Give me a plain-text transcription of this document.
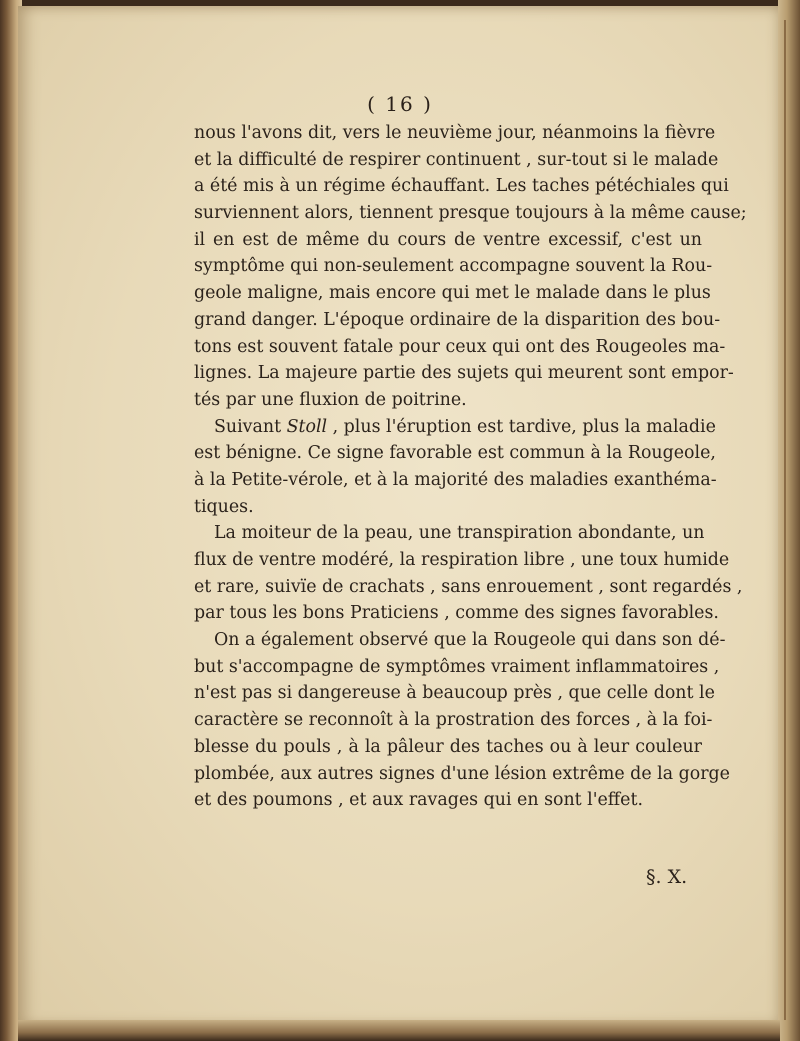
( 16 )
nous l'avons dit, vers le neuvième jour, néanmoins la fièvre
et la difficulté de respirer continuent , sur-tout si le malade
a été mis à un régime échauffant. Les taches pétéchiales qui
surviennent alors, tiennent presque toujours à la même cause;
il en est de même du cours de ventre excessif, c'est un
symptôme qui non-seulement accompagne souvent la Rou-
geole maligne, mais encore qui met le malade dans le plus
grand danger. L'époque ordinaire de la disparition des bou-
tons est souvent fatale pour ceux qui ont des Rougeoles ma-
lignes. La majeure partie des sujets qui meurent sont empor-
tés par une fluxion de poitrine.
Suivant Stoll , plus l'éruption est tardive, plus la maladie
est bénigne. Ce signe favorable est commun à la Rougeole,
à la Petite-vérole, et à la majorité des maladies exanthéma-
tiques.
La moiteur de la peau, une transpiration abondante, un
flux de ventre modéré, la respiration libre , une toux humide
et rare, suivïe de crachats , sans enrouement , sont regardés ,
par tous les bons Praticiens , comme des signes favorables.
On a également observé que la Rougeole qui dans son dé-
but s'accompagne de symptômes vraiment inflammatoires ,
n'est pas si dangereuse à beaucoup près , que celle dont le
caractère se reconnoît à la prostration des forces , à la foi-
blesse du pouls , à la pâleur des taches ou à leur couleur
plombée, aux autres signes d'une lésion extrême de la gorge
et des poumons , et aux ravages qui en sont l'effet.
§. X.
